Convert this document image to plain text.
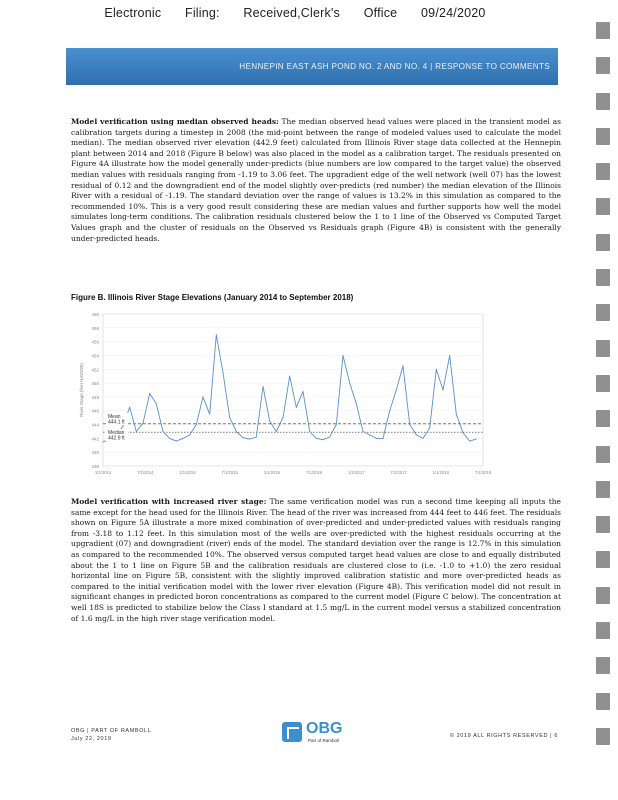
Electronic Filing: Received,Clerk's Office 09/24/2020
HENNEPIN EAST ASH POND NO. 2 AND NO. 4 | RESPONSE TO COMMENTS
Model verification using median observed heads: The median observed head values were placed in the transient model as calibration targets during a timestep in 2008 (the mid-point between the range of modeled values used to calculate the model median). The median observed river elevation (442.9 feet) calculated from Illinois River stage data collected at the Hennepin plant between 2014 and 2018 (Figure B below) was also placed in the model as a calibration target. The residuals presented on Figure 4A illustrate how the model generally under-predicts (blue numbers are low compared to the target value) the observed median values with residuals ranging from -1.19 to 3.06 feet. The upgradient edge of the well network (well 07) has the lowest residual of 0.12 and the downgradient end of the model slightly over-predicts (red number) the median elevation of the Illinois River with a residual of -1.19. The standard deviation over the range of values is 13.2% in this simulation as compared to the recommended 10%. This is a very good result considering these are median values and further supports how well the model simulates long-term conditions. The calibration residuals clustered below the 1 to 1 line of the Observed vs Computed Target Values graph and the cluster of residuals on the Observed vs Residuals graph (Figure 4B) is consistent with the generally under-predicted heads.
Figure B. Illinois River Stage Elevations (January 2014 to September 2018)
460
458
456
454
452
450
448
446
444
442
440
438
1/1/2014	7/1/2014	1/1/2015	7/1/2015	1/1/2016	7/1/2016	1/1/2017	7/1/2017	1/1/2018	7/1/2018
River Stage (feet NAVD88)
Mean
444.1 ft
Median
442.9 ft
Model verification with increased river stage: The same verification model was run a second time keeping all inputs the same except for the head used for the Illinois River. The head of the river was increased from 444 feet to 446 feet. The residuals shown on Figure 5A illustrate a more mixed combination of over-predicted and under-predicted values with residuals ranging from -3.18 to 1.12 feet. In this simulation most of the wells are over-predicted with the highest residuals occurring at the upgradient (07) and downgradient (river) ends of the model. The standard deviation over the range is 12.7% in this simulation as compared to the recommended 10%. The observed versus computed target head values are close to and equally distributed about the 1 to 1 line on Figure 5B and the calibration residuals are clustered close to (i.e. -1.0 to +1.0) the zero residual horizontal line on Figure 5B, consistent with the slightly improved calibration statistic and more over-predicted heads as compared to the initial verification model with the lower river elevation (Figure 4B). This verification model did not result in significant changes in predicted boron concentrations as compared to the current model (Figure C below). The concentration at well 18S is predicted to stabilize below the Class I standard at 1.5 mg/L in the current model versus a stabilized concentration of 1.6 mg/L in the high river stage verification model.
OBG | PART OF RAMBOLL
July 22, 2019
OBG
Part of Ramboll
© 2019 ALL RIGHTS RESERVED | 6
